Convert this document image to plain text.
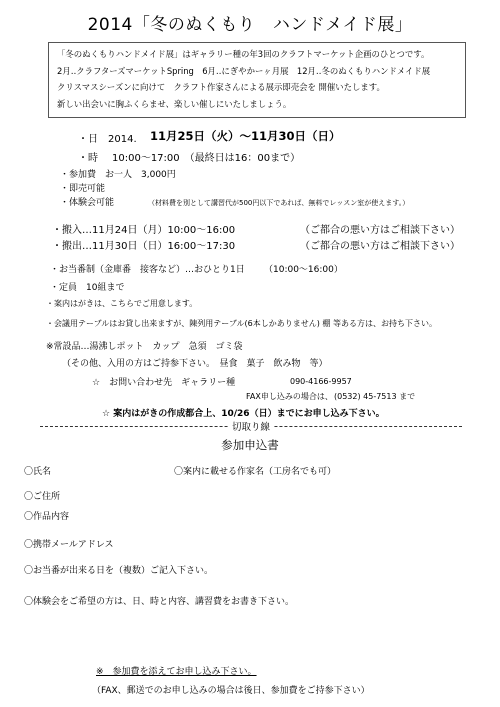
2014「冬のぬくもり　ハンドメイド展」
「冬のぬくもりハンドメイド展」はギャラリー種の年3回のクラフトマーケット企画のひとつです。
2月‥クラフターズマーケットSpring　6月‥にぎやかーヶ月展　12月‥冬のぬくもりハンドメイド展
クリスマスシーズンに向けて　クラフト作家さんによる展示即売会を 開催いたします。
新しい出会いに胸ふくらませ、楽しい催しにいたしましょう。
・日　2014. 11月25日（火）～11月30日（日）
・時 10:00～17:00　（最終日は16：00まで）
・参加費　お一人　3,000円
・即売可能
・体験会可能	（材料費を別として講習代が500円以下であれば、無料でレッスン室が使えます。）
・搬入…11月24日（月）10:00～16:00	（ご都合の悪い方はご相談下さい）
・搬出…11月30日（日）16:00～17:30	（ご都合の悪い方はご相談下さい）
・お当番制（金庫番　接客など）…おひとり1日 （10:00～16:00）
・定員　10組まで
・案内はがきは、こちらでご用意します。
・会議用テーブルはお貸し出来ますが、陳列用テーブル(6本しかありません) 棚 等ある方は、お持ち下さい。
※常設品…湯沸しポット　カップ　急須　ゴミ袋
（その他、入用の方はご持参下さい。　昼食　菓子　飲み物　等）
☆　お問い合わせ先　ギャラリー種	090-4166-9957
FAX申し込みの場合は、 (0532) 45-7513 まで
☆ 案内はがきの作成都合上、10/26（日）までにお申し込み下さい。
切取り線
参加申込書
〇氏名	〇案内に載せる作家名（工房名でも可）
〇ご住所
〇作品内容
〇携帯メールアドレス
〇お当番が出来る日を（複数）ご記入下さい。
〇体験会をご希望の方は、日、時と内容、講習費をお書き下さい。
※　参加費を添えてお申し込み下さい。
（FAX、郵送でのお申し込みの場合は後日、参加費をご持参下さい）
